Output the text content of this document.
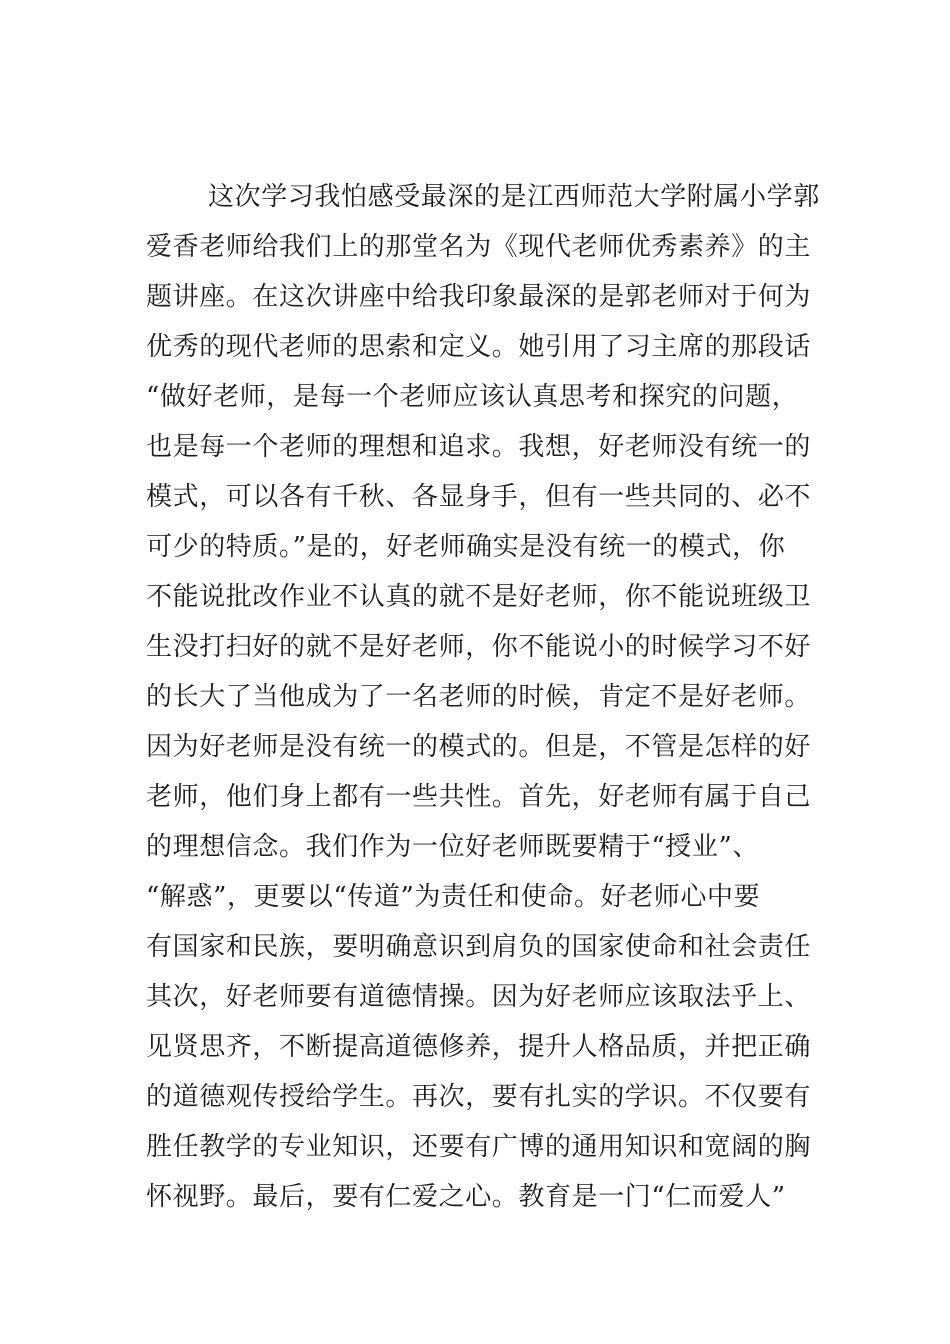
这次学习我怕感受最深的是江西师范大学附属小学郭
爱香老师给我们上的那堂名为《现代老师优秀素养》的主
题讲座。在这次讲座中给我印象最深的是郭老师对于何为
优秀的现代老师的思索和定义。她引用了习主席的那段话
“做好老师，是每一个老师应该认真思考和探究的问题，
也是每一个老师的理想和追求。我想，好老师没有统一的
模式，可以各有千秋、各显身手，但有一些共同的、必不
可少的特质。”是的，好老师确实是没有统一的模式，你
不能说批改作业不认真的就不是好老师，你不能说班级卫
生没打扫好的就不是好老师，你不能说小的时候学习不好
的长大了当他成为了一名老师的时候，肯定不是好老师。
因为好老师是没有统一的模式的。但是，不管是怎样的好
老师，他们身上都有一些共性。首先，好老师有属于自己
的理想信念。我们作为一位好老师既要精于“授业”、
“解惑”，更要以“传道”为责任和使命。好老师心中要
有国家和民族，要明确意识到肩负的国家使命和社会责任
其次，好老师要有道德情操。因为好老师应该取法乎上、
见贤思齐，不断提高道德修养，提升人格品质，并把正确
的道德观传授给学生。再次，要有扎实的学识。不仅要有
胜任教学的专业知识，还要有广博的通用知识和宽阔的胸
怀视野。最后，要有仁爱之心。教育是一门“仁而爱人”
